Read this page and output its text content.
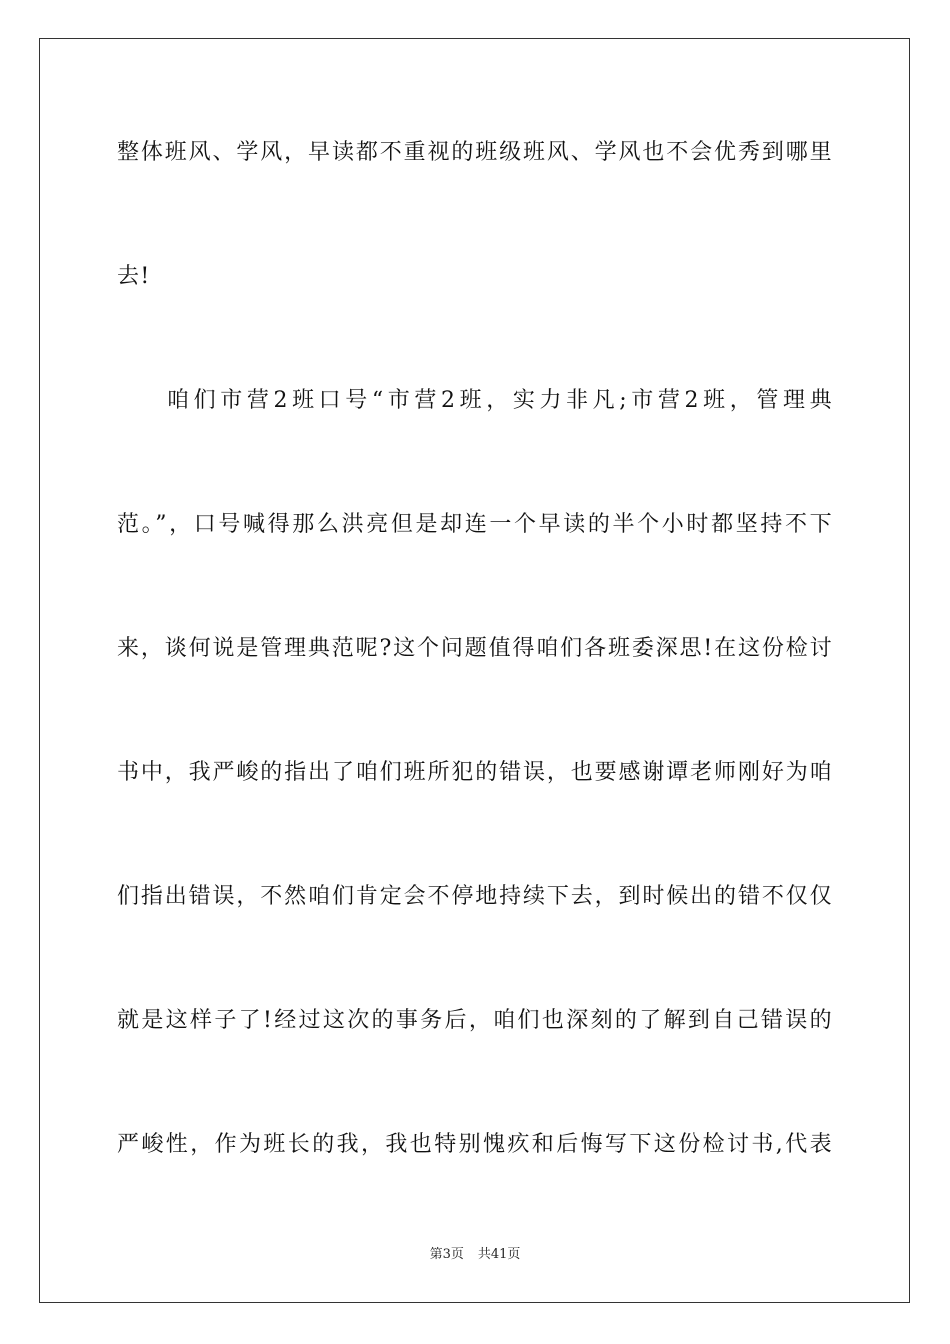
整体班风、学风，早读都不重视的班级班风、学风也不会优秀到哪里
去!
咱们市营2班口号“市营2班，实力非凡;市营2班，管理典
范。”，口号喊得那么洪亮但是却连一个早读的半个小时都坚持不下
来，谈何说是管理典范呢?这个问题值得咱们各班委深思!在这份检讨
书中，我严峻的指出了咱们班所犯的错误，也要感谢谭老师刚好为咱
们指出错误，不然咱们肯定会不停地持续下去，到时候出的错不仅仅
就是这样子了!经过这次的事务后，咱们也深刻的了解到自己错误的
严峻性，作为班长的我，我也特别愧疚和后悔写下这份检讨书,代表
第3页 共41页
